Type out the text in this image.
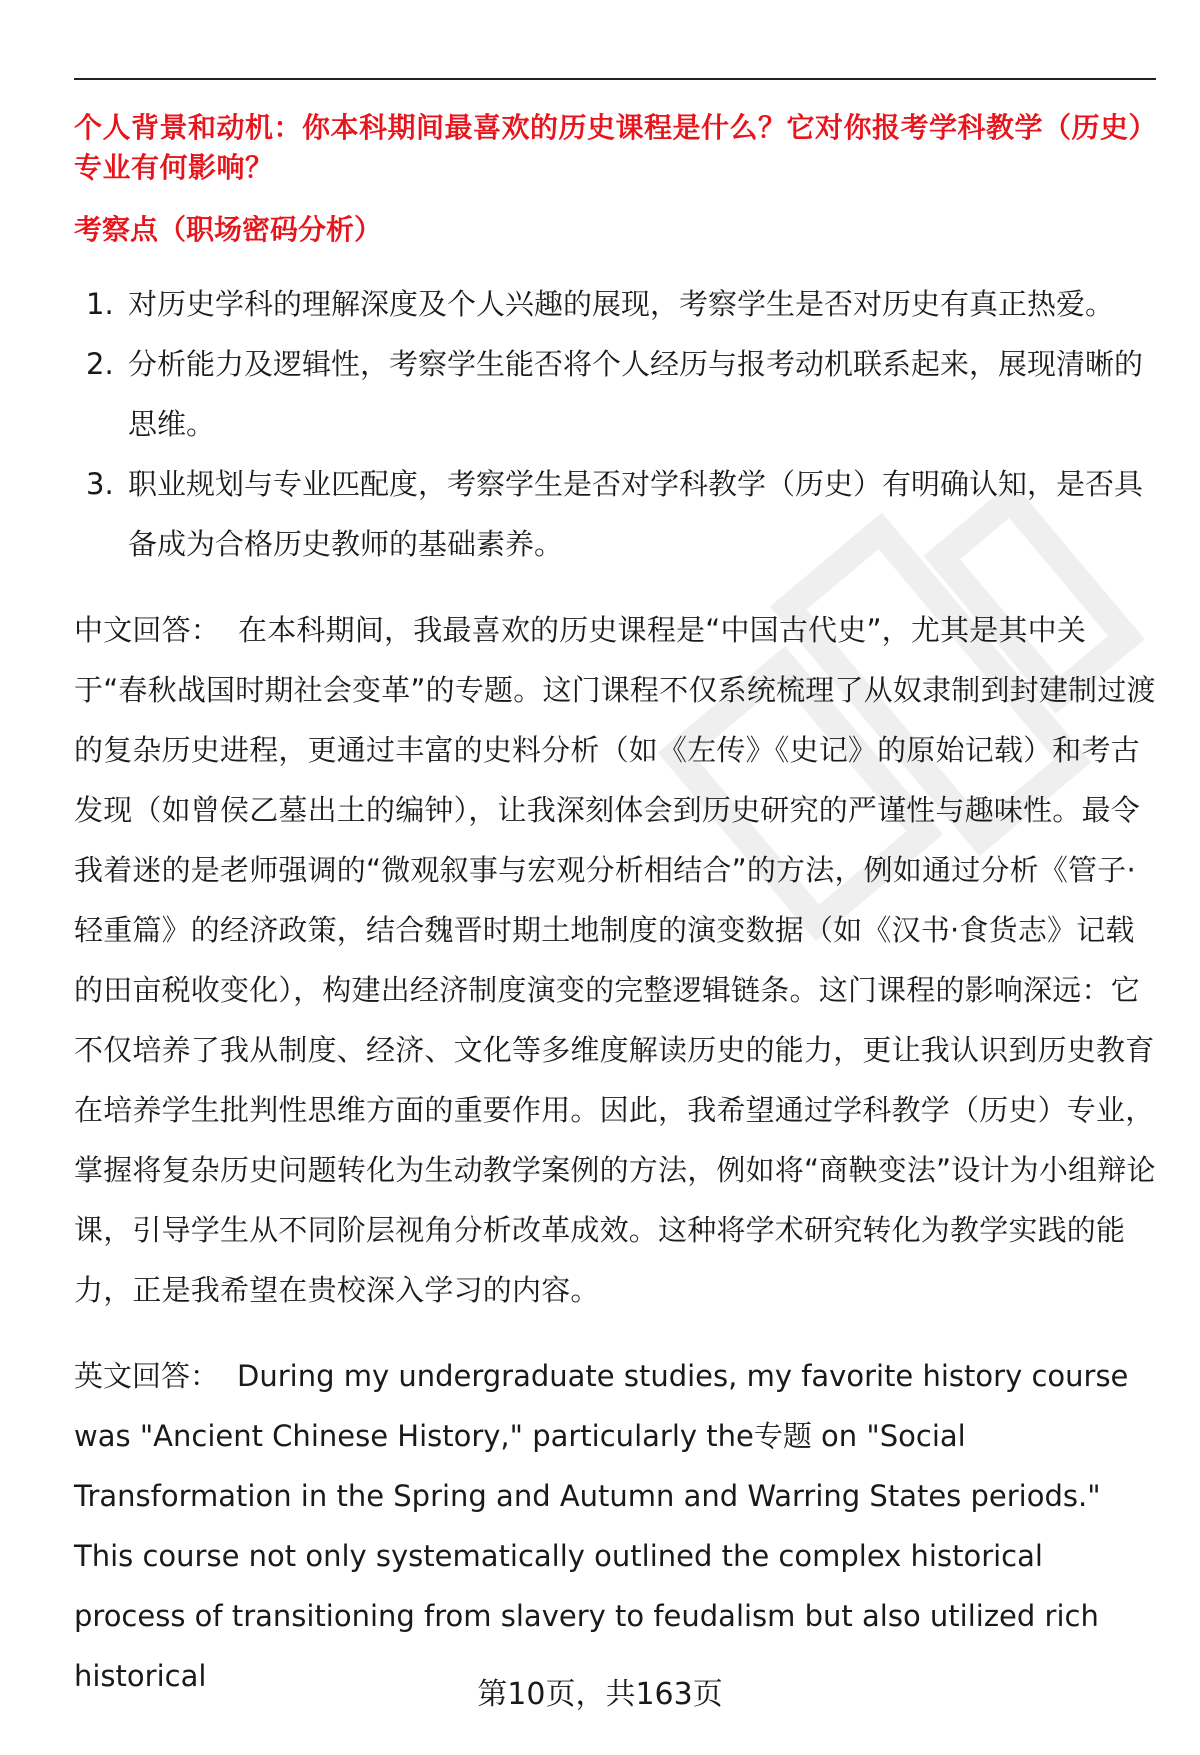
个人背景和动机：你本科期间最喜欢的历史课程是什么？它对你报考学科教学（历史）专业有何影响？

考察点（职场密码分析）

1. 对历史学科的理解深度及个人兴趣的展现，考察学生是否对历史有真正热爱。
2. 分析能力及逻辑性，考察学生能否将个人经历与报考动机联系起来，展现清晰的思维。
3. 职业规划与专业匹配度，考察学生是否对学科教学（历史）有明确认知，是否具备成为合格历史教师的基础素养。

中文回答： 在本科期间，我最喜欢的历史课程是“中国古代史”，尤其是其中关于“春秋战国时期社会变革”的专题。这门课程不仅系统梳理了从奴隶制到封建制过渡的复杂历史进程，更通过丰富的史料分析（如《左传》《史记》的原始记载）和考古发现（如曾侯乙墓出土的编钟），让我深刻体会到历史研究的严谨性与趣味性。最令我着迷的是老师强调的“微观叙事与宏观分析相结合”的方法，例如通过分析《管子·轻重篇》的经济政策，结合魏晋时期土地制度的演变数据（如《汉书·食货志》记载的田亩税收变化），构建出经济制度演变的完整逻辑链条。这门课程的影响深远：它不仅培养了我从制度、经济、文化等多维度解读历史的能力，更让我认识到历史教育在培养学生批判性思维方面的重要作用。因此，我希望通过学科教学（历史）专业，掌握将复杂历史问题转化为生动教学案例的方法，例如将“商鞅变法”设计为小组辩论课，引导学生从不同阶层视角分析改革成效。这种将学术研究转化为教学实践的能力，正是我希望在贵校深入学习的内容。

英文回答： During my undergraduate studies, my favorite history course was "Ancient Chinese History," particularly the专题 on "Social Transformation in the Spring and Autumn and Warring States periods." This course not only systematically outlined the complex historical process of transitioning from slavery to feudalism but also utilized rich historical

第10页，共163页
